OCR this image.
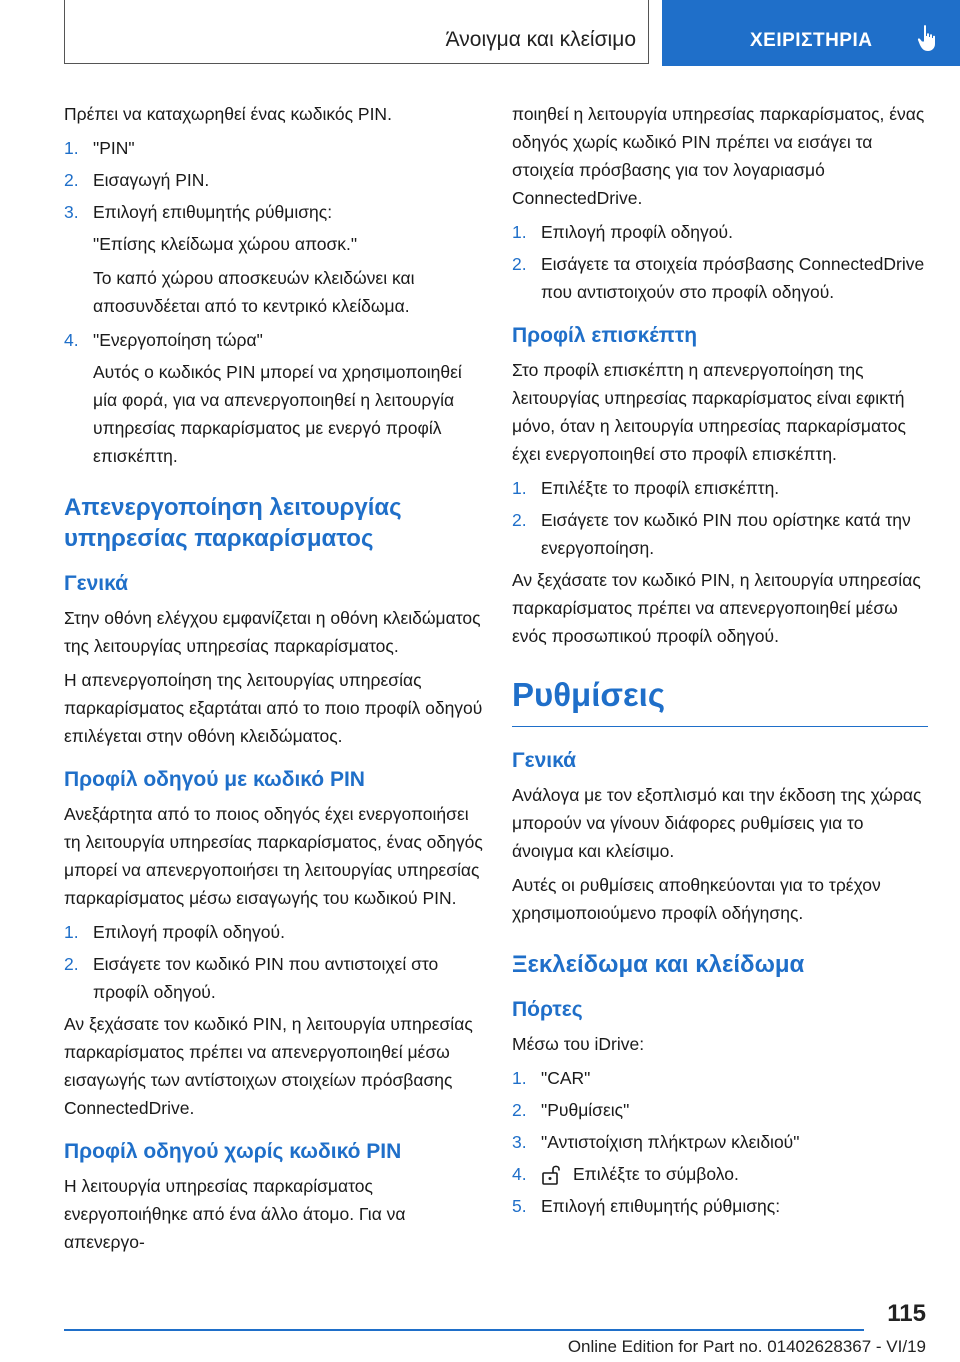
Άνοιγμα και κλείσιμο	ΧΕΙΡΙΣΤΗΡΙΑ

Πρέπει να καταχωρηθεί ένας κωδικός PIN.

1. "PIN"
2. Εισαγωγή PIN.
3. Επιλογή επιθυμητής ρύθμισης:

"Επίσης κλείδωμα χώρου αποσκ."

Το καπό χώρου αποσκευών κλειδώνει και αποσυνδέεται από το κεντρικό κλείδωμα.

4. "Ενεργοποίηση τώρα"

Αυτός ο κωδικός PIN μπορεί να χρησιμοποιηθεί μία φορά, για να απενεργοποιηθεί η λειτουργία υπηρεσίας παρκαρίσματος με ενεργό προφίλ επισκέπτη.

Απενεργοποίηση λειτουργίας υπηρεσίας παρκαρίσματος
Γενικά

Στην οθόνη ελέγχου εμφανίζεται η οθόνη κλειδώματος της λειτουργίας υπηρεσίας παρκαρίσματος.

Η απενεργοποίηση της λειτουργίας υπηρεσίας παρκαρίσματος εξαρτάται από το ποιο προφίλ οδηγού επιλέγεται στην οθόνη κλειδώματος.

Προφίλ οδηγού με κωδικό PIN

Ανεξάρτητα από το ποιος οδηγός έχει ενεργοποιήσει τη λειτουργία υπηρεσίας παρκαρίσματος, ένας οδηγός μπορεί να απενεργοποιήσει τη λειτουργίας υπηρεσίας παρκαρίσματος μέσω εισαγωγής του κωδικού PIN.

1. Επιλογή προφίλ οδηγού.
2. Εισάγετε τον κωδικό PIN που αντιστοιχεί στο προφίλ οδηγού.

Αν ξεχάσατε τον κωδικό PIN, η λειτουργία υπηρεσίας παρκαρίσματος πρέπει να απενεργοποιηθεί μέσω εισαγωγής των αντίστοιχων στοιχείων πρόσβασης ConnectedDrive.

Προφίλ οδηγού χωρίς κωδικό PIN

Η λειτουργία υπηρεσίας παρκαρίσματος ενεργοποιήθηκε από ένα άλλο άτομο. Για να απενεργο-

ποιηθεί η λειτουργία υπηρεσίας παρκαρίσματος, ένας οδηγός χωρίς κωδικό PIN πρέπει να εισάγει τα στοιχεία πρόσβασης για τον λογαριασμό ConnectedDrive.

1. Επιλογή προφίλ οδηγού.
2. Εισάγετε τα στοιχεία πρόσβασης ConnectedDrive που αντιστοιχούν στο προφίλ οδηγού.
Προφίλ επισκέπτη

Στο προφίλ επισκέπτη η απενεργοποίηση της λειτουργίας υπηρεσίας παρκαρίσματος είναι εφικτή μόνο, όταν η λειτουργία υπηρεσίας παρκαρίσματος έχει ενεργοποιηθεί στο προφίλ επισκέπτη.

1. Επιλέξτε το προφίλ επισκέπτη.
2. Εισάγετε τον κωδικό PIN που ορίστηκε κατά την ενεργοποίηση.

Αν ξεχάσατε τον κωδικό PIN, η λειτουργία υπηρεσίας παρκαρίσματος πρέπει να απενεργοποιηθεί μέσω ενός προσωπικού προφίλ οδηγού.

Ρυθμίσεις
Γενικά

Ανάλογα με τον εξοπλισμό και την έκδοση της χώρας μπορούν να γίνουν διάφορες ρυθμίσεις για το άνοιγμα και κλείσιμο.

Αυτές οι ρυθμίσεις αποθηκεύονται για το τρέχον χρησιμοποιούμενο προφίλ οδήγησης.

Ξεκλείδωμα και κλείδωμα
Πόρτες

Μέσω του iDrive:

1. "CAR"
2. "Ρυθμίσεις"
3. "Αντιστοίχιση πλήκτρων κλειδιού"
4.	Επιλέξτε το σύμβολο.
5. Επιλογή επιθυμητής ρύθμισης:
115
Online Edition for Part no. 01402628367 - VI/19
